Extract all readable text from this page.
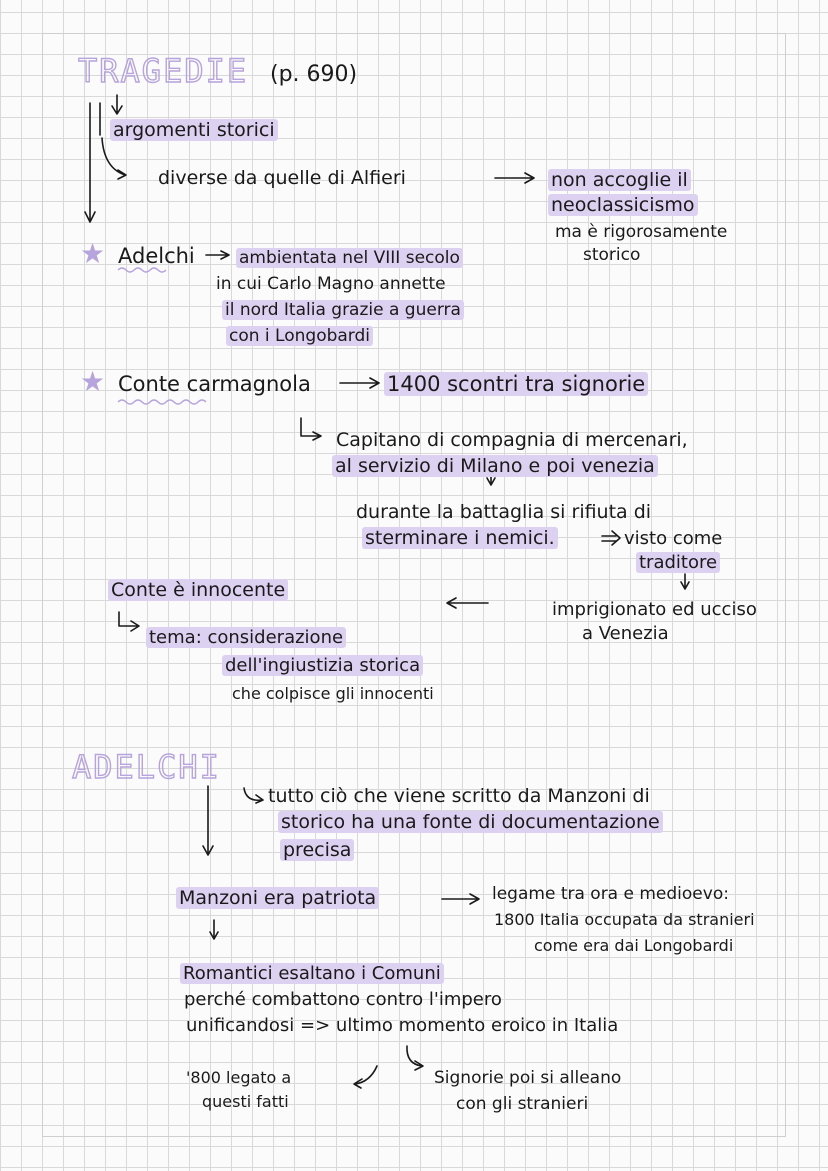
TRAGEDIE (p. 690)
argomenti storici
diverse da quelle di Alfieri	non accoglie il
neoclassicismo
ma è rigorosamente
storico
★ Adelchi	ambientata nel VIII secolo
in cui Carlo Magno annette
il nord Italia grazie a guerra
con i Longobardi
★ Conte carmagnola	1400 scontri tra signorie
Capitano di compagnia di mercenari,
al servizio di Milano e poi venezia
durante la battaglia si rifiuta di
sterminare i nemici.	visto come
traditore
imprigionato ed ucciso
a Venezia
Conte è innocente
tema: considerazione
dell'ingiustizia storica
che colpisce gli innocenti
ADELCHI
tutto ciò che viene scritto da Manzoni di
storico ha una fonte di documentazione
precisa
Manzoni era patriota	legame tra ora e medioevo:
1800 Italia occupata da stranieri
come era dai Longobardi
Romantici esaltano i Comuni
perché combattono contro l'impero
unificandosi => ultimo momento eroico in Italia
'800 legato a
questi fatti
Signorie poi si alleano
con gli stranieri
